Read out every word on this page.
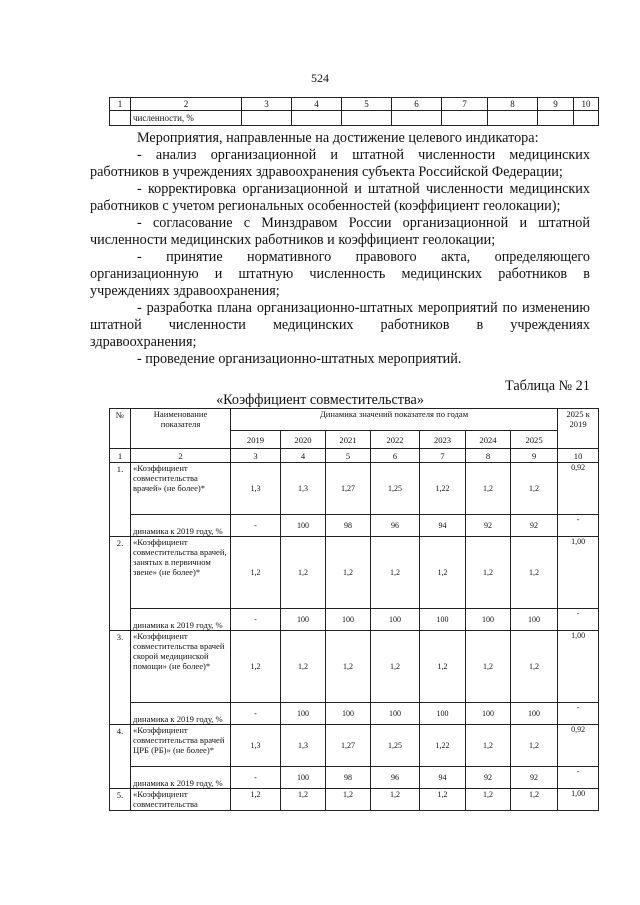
524
1	2	3	4	5	6	7	8	9	10
	численности, %								
Мероприятия, направленные на достижение целевого индикатора:
- анализ организационной и штатной численности медицинских
работников в учреждениях здравоохранения субъекта Российской Федерации;
- корректировка организационной и штатной численности медицинских
работников с учетом региональных особенностей (коэффициент геолокации);
- согласование с Минздравом России организационной и штатной
численности медицинских работников и коэффициент геолокации;
- принятие нормативного правового акта, определяющего
организационную и штатную численность медицинских работников в
учреждениях здравоохранения;
- разработка плана организационно-штатных мероприятий по изменению
штатной численности медицинских работников в учреждениях
здравоохранения;
- проведение организационно-штатных мероприятий.
Таблица № 21
«Коэффициент совместительства»
№	Наименование показателя	Динамика значений показателя по годам							2025 к 2019
		2019	2020	2021	2022	2023	2024	2025	
1	2	3	4	5	6	7	8	9	10
1.	«Коэффициент совместительства врачей» (не более)*	1,3	1,3	1,27	1,25	1,22	1,2	1,2	0,92
	динамика к 2019 году, %	-	100	98	96	94	92	92	-
2.	«Коэффициент совместительства врачей, занятых в первичном звене» (не более)*	1,2	1,2	1,2	1,2	1,2	1,2	1,2	1,00
	динамика к 2019 году, %	-	100	100	100	100	100	100	-
3.	«Коэффициент совместительства врачей скорой медицинской помощи» (не более)*	1,2	1,2	1,2	1,2	1,2	1,2	1,2	1,00
	динамика к 2019 году, %	-	100	100	100	100	100	100	-
4.	«Коэффициент совместительства врачей ЦРБ (РБ)» (не более)*	1,3	1,3	1,27	1,25	1,22	1,2	1,2	0,92
	динамика к 2019 году, %	-	100	98	96	94	92	92	-
5.	«Коэффициент совместительства	1,2	1,2	1,2	1,2	1,2	1,2	1,2	1,00
